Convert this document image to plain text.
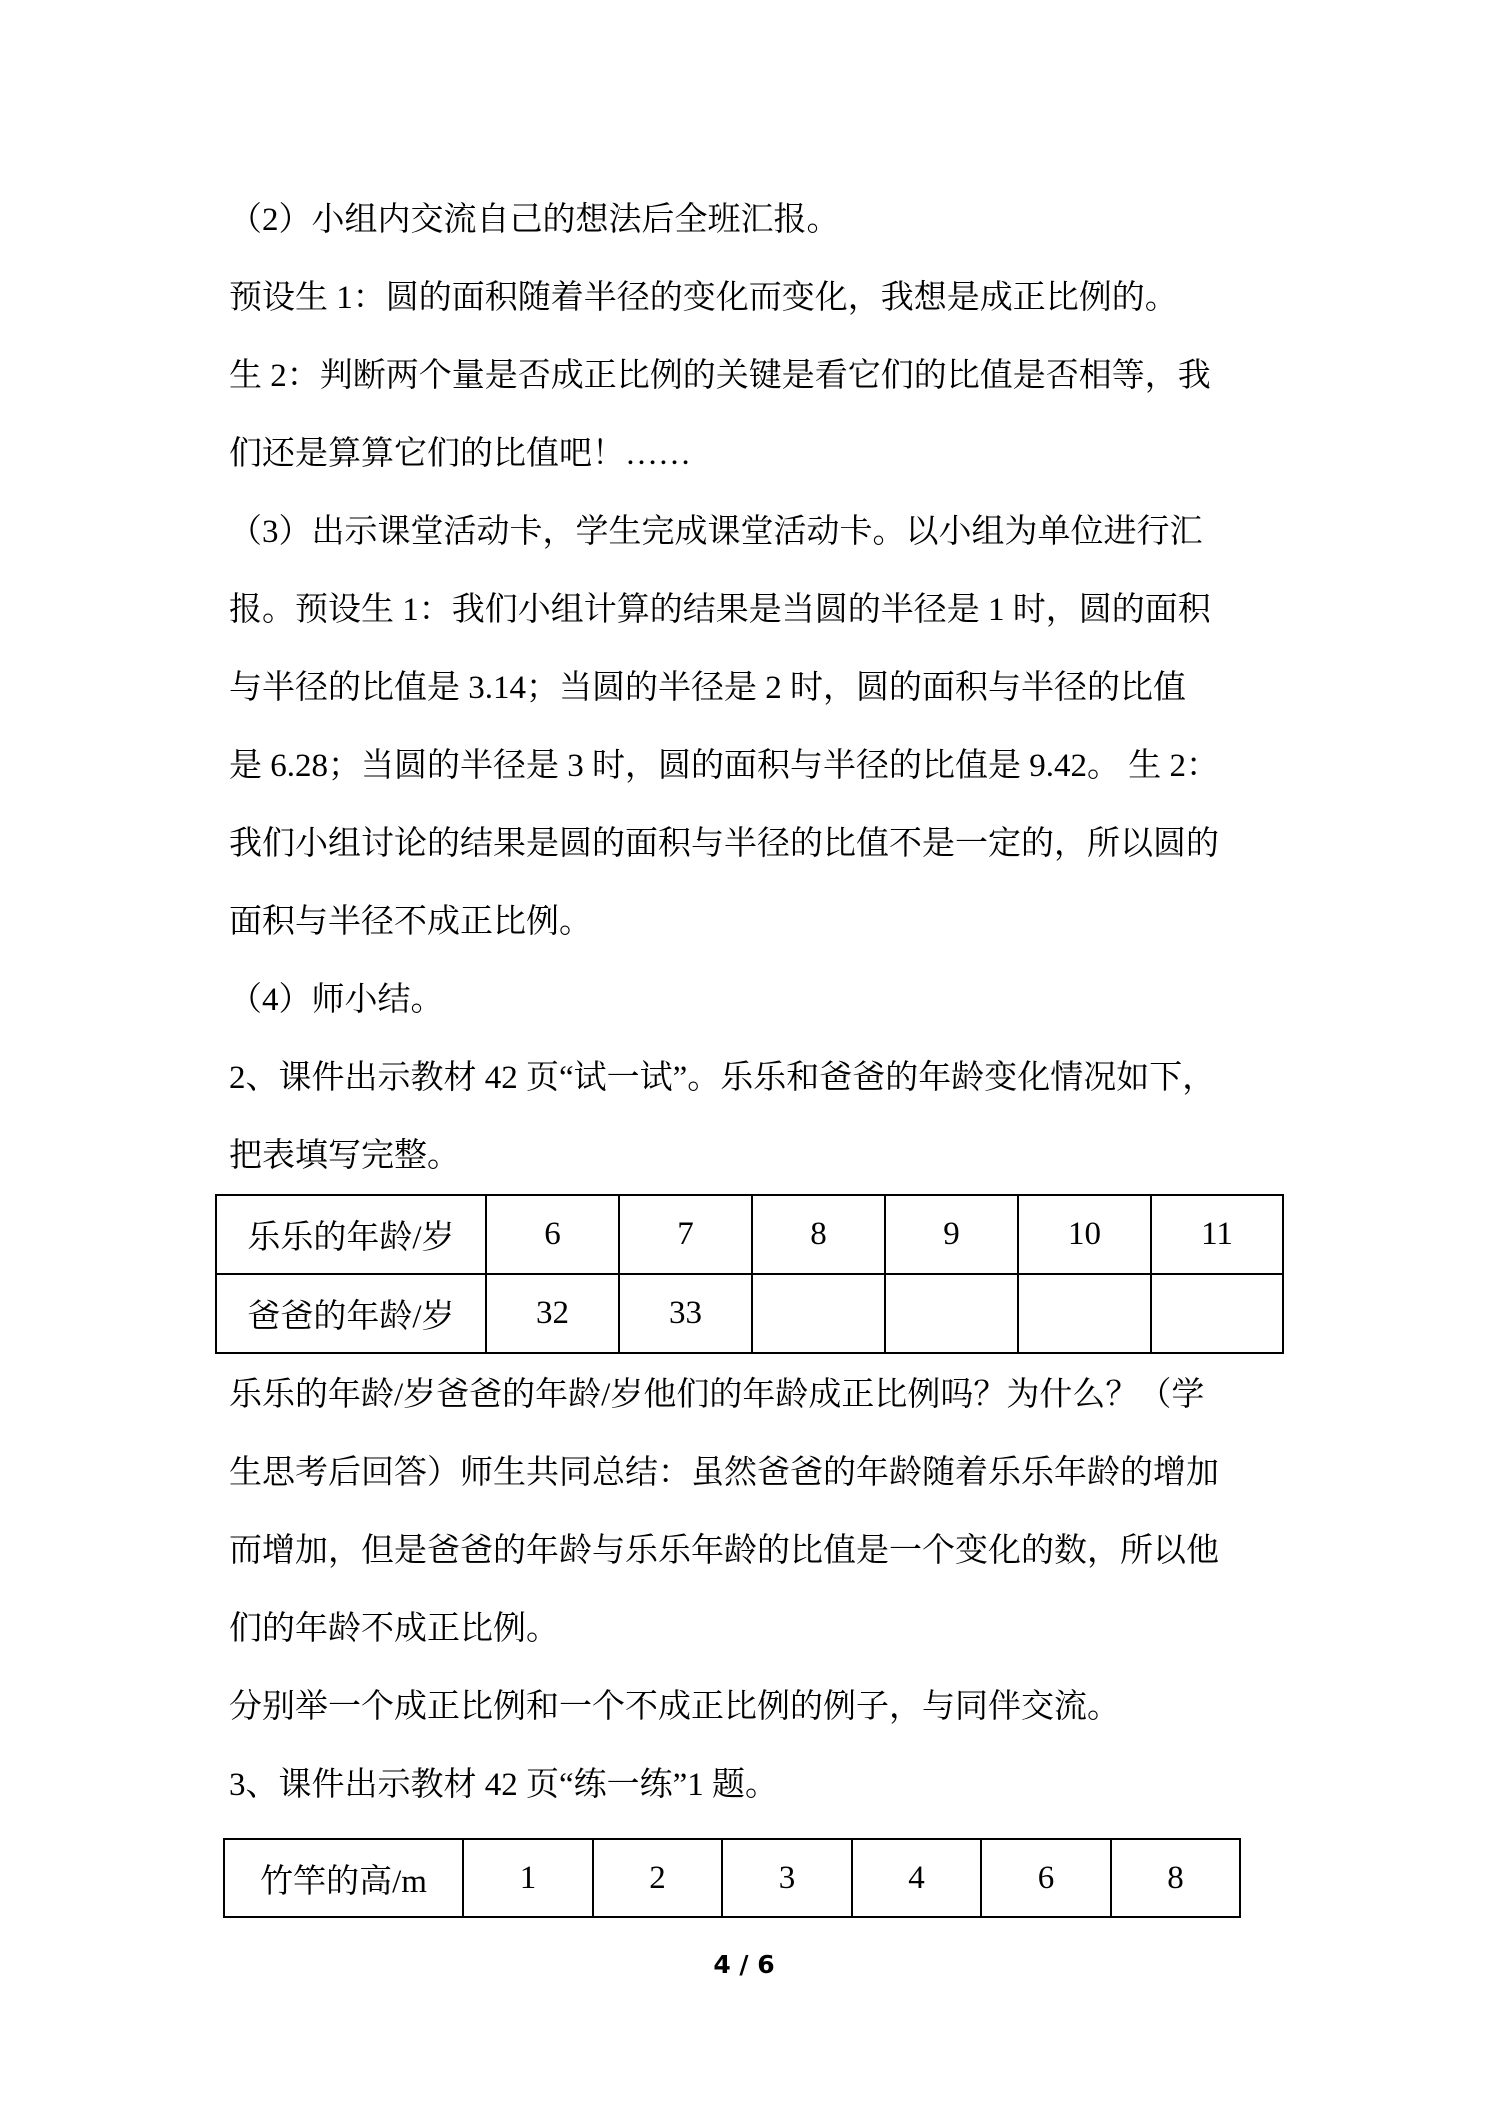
（2）小组内交流自己的想法后全班汇报。
预设生 1：圆的面积随着半径的变化而变化，我想是成正比例的。
生 2：判断两个量是否成正比例的关键是看它们的比值是否相等，我
们还是算算它们的比值吧！……
（3）出示课堂活动卡，学生完成课堂活动卡。以小组为单位进行汇
报。预设生 1：我们小组计算的结果是当圆的半径是 1 时，圆的面积
与半径的比值是 3.14；当圆的半径是 2 时，圆的面积与半径的比值
是 6.28；当圆的半径是 3 时，圆的面积与半径的比值是 9.42。 生 2：
我们小组讨论的结果是圆的面积与半径的比值不是一定的，所以圆的
面积与半径不成正比例。
（4）师小结。
2、课件出示教材 42 页“试一试”。乐乐和爸爸的年龄变化情况如下，
把表填写完整。
乐乐的年龄/岁	6	7	8	9	10	11
爸爸的年龄/岁	32	33				
乐乐的年龄/岁爸爸的年龄/岁他们的年龄成正比例吗？为什么？（学
生思考后回答）师生共同总结：虽然爸爸的年龄随着乐乐年龄的增加
而增加，但是爸爸的年龄与乐乐年龄的比值是一个变化的数，所以他
们的年龄不成正比例。
分别举一个成正比例和一个不成正比例的例子，与同伴交流。
3、课件出示教材 42 页“练一练”1 题。
竹竿的高/m	1	2	3	4	6	8
4 / 6
